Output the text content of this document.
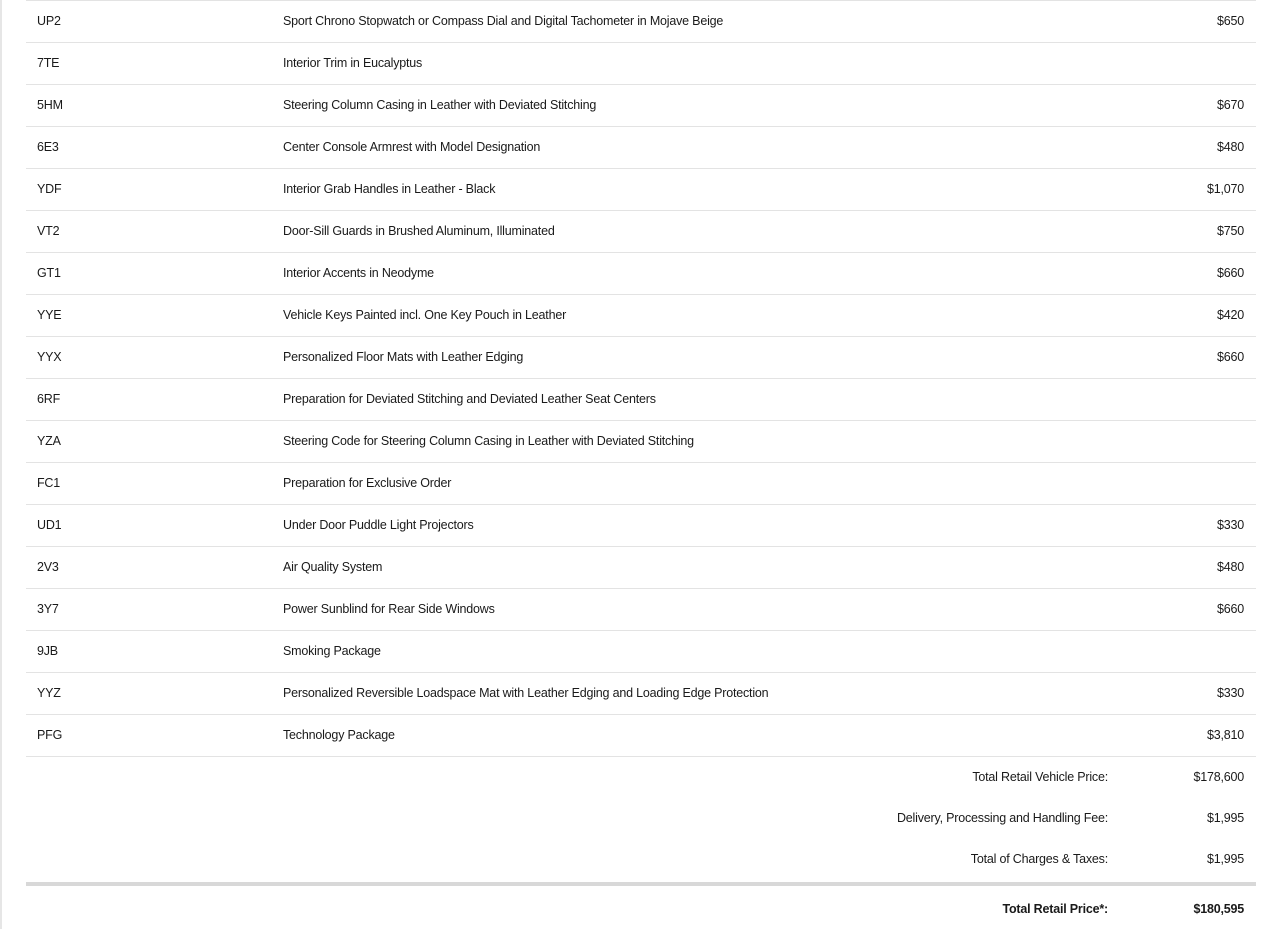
UP2	Sport Chrono Stopwatch or Compass Dial and Digital Tachometer in Mojave Beige	$650
7TE	Interior Trim in Eucalyptus
5HM	Steering Column Casing in Leather with Deviated Stitching	$670
6E3	Center Console Armrest with Model Designation	$480
YDF	Interior Grab Handles in Leather - Black	$1,070
VT2	Door-Sill Guards in Brushed Aluminum, Illuminated	$750
GT1	Interior Accents in Neodyme	$660
YYE	Vehicle Keys Painted incl. One Key Pouch in Leather	$420
YYX	Personalized Floor Mats with Leather Edging	$660
6RF	Preparation for Deviated Stitching and Deviated Leather Seat Centers
YZA	Steering Code for Steering Column Casing in Leather with Deviated Stitching
FC1	Preparation for Exclusive Order
UD1	Under Door Puddle Light Projectors	$330
2V3	Air Quality System	$480
3Y7	Power Sunblind for Rear Side Windows	$660
9JB	Smoking Package
YYZ	Personalized Reversible Loadspace Mat with Leather Edging and Loading Edge Protection	$330
PFG	Technology Package	$3,810
Total Retail Vehicle Price:	$178,600
Delivery, Processing and Handling Fee:	$1,995
Total of Charges & Taxes:	$1,995
Total Retail Price*:	$180,595
